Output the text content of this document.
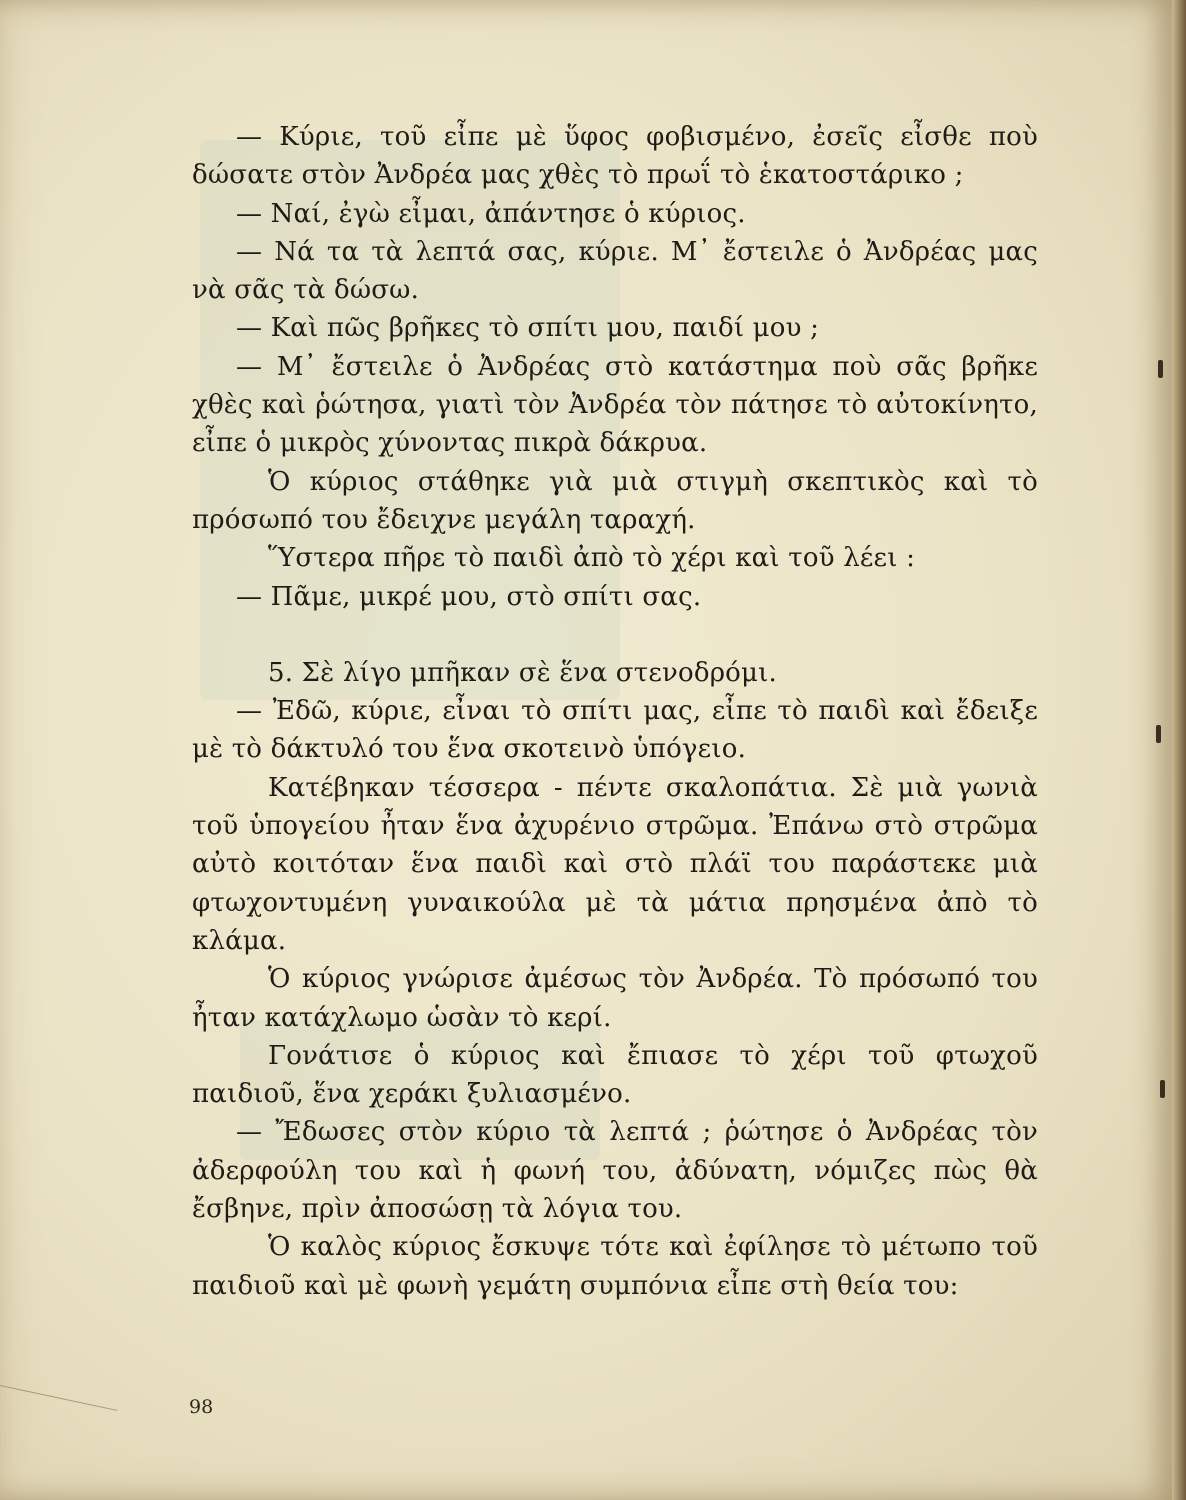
— Κύριε, τοῦ εἶπε μὲ ὕφος φοβισμένο, ἐσεῖς εἶσθε ποὺ δώσατε στὸν Ἀνδρέα μας χθὲς τὸ πρωΐ τὸ ἑκατοστάρικο ;

— Ναί, ἐγὼ εἶμαι, ἀπάντησε ὁ κύριος.

— Νά τα τὰ λεπτά σας, κύριε. Μ᾽ ἔστειλε ὁ Ἀνδρέας μας νὰ σᾶς τὰ δώσω.

— Καὶ πῶς βρῆκες τὸ σπίτι μου, παιδί μου ;

— Μ᾽ ἔστειλε ὁ Ἀνδρέας στὸ κατάστημα ποὺ σᾶς βρῆκε χθὲς καὶ ῥώτησα, γιατὶ τὸν Ἀνδρέα τὸν πάτησε τὸ αὐτοκίνητο, εἶπε ὁ μικρὸς χύνοντας πικρὰ δάκρυα.

Ὁ κύριος στάθηκε γιὰ μιὰ στιγμὴ σκεπτικὸς καὶ τὸ πρόσωπό του ἔδειχνε μεγάλη ταραχή.

Ὕστερα πῆρε τὸ παιδὶ ἀπὸ τὸ χέρι καὶ τοῦ λέει :

— Πᾶμε, μικρέ μου, στὸ σπίτι σας.

5. Σὲ λίγο μπῆκαν σὲ ἕνα στενοδρόμι.

— Ἐδῶ, κύριε, εἶναι τὸ σπίτι μας, εἶπε τὸ παιδὶ καὶ ἔδειξε μὲ τὸ δάκτυλό του ἕνα σκοτεινὸ ὑπόγειο.

Κατέβηκαν τέσσερα - πέντε σκαλοπάτια. Σὲ μιὰ γωνιὰ τοῦ ὑπογείου ἦταν ἕνα ἀχυρένιο στρῶμα. Ἐπάνω στὸ στρῶμα αὐτὸ κοιτόταν ἕνα παιδὶ καὶ στὸ πλάϊ του παράστεκε μιὰ φτωχοντυμένη γυναικούλα μὲ τὰ μάτια πρησμένα ἀπὸ τὸ κλάμα.

Ὁ κύριος γνώρισε ἀμέσως τὸν Ἀνδρέα. Τὸ πρόσωπό του ἦταν κατάχλωμο ὡσὰν τὸ κερί.

Γονάτισε ὁ κύριος καὶ ἔπιασε τὸ χέρι τοῦ φτωχοῦ παιδιοῦ, ἕνα χεράκι ξυλιασμένο.

— Ἔδωσες στὸν κύριο τὰ λεπτά ; ῥώτησε ὁ Ἀνδρέας τὸν ἀδερφούλη του καὶ ἡ φωνή του, ἀδύνατη, νόμιζες πὼς θὰ ἔσβηνε, πρὶν ἀποσώσῃ τὰ λόγια του.

Ὁ καλὸς κύριος ἔσκυψε τότε καὶ ἐφίλησε τὸ μέτωπο τοῦ παιδιοῦ καὶ μὲ φωνὴ γεμάτη συμπόνια εἶπε στὴ θεία του:

98
